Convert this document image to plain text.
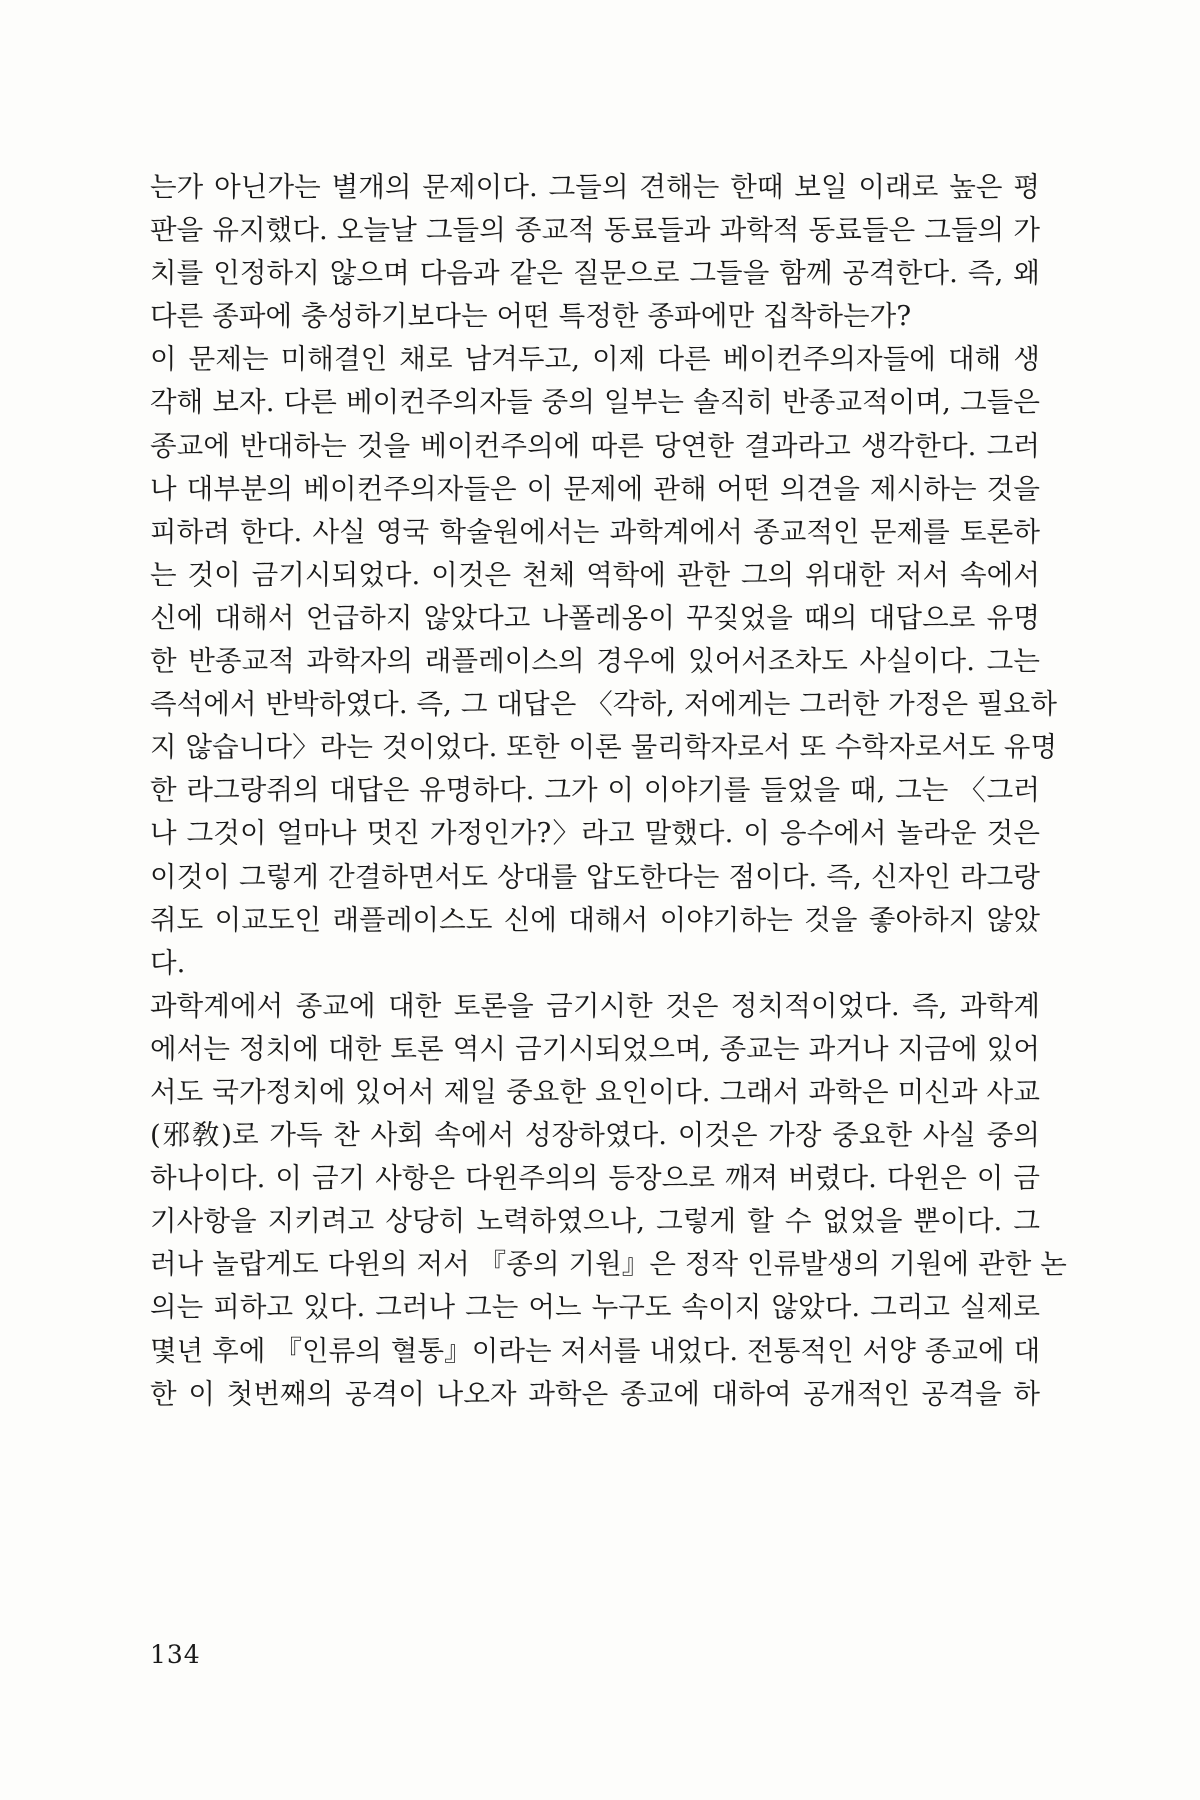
는가 아닌가는 별개의 문제이다. 그들의 견해는 한때 보일 이래로 높은 평
판을 유지했다. 오늘날 그들의 종교적 동료들과 과학적 동료들은 그들의 가
치를 인정하지 않으며 다음과 같은 질문으로 그들을 함께 공격한다. 즉, 왜
다른 종파에 충성하기보다는 어떤 특정한 종파에만 집착하는가?
이 문제는 미해결인 채로 남겨두고, 이제 다른 베이컨주의자들에 대해 생
각해 보자. 다른 베이컨주의자들 중의 일부는 솔직히 반종교적이며, 그들은
종교에 반대하는 것을 베이컨주의에 따른 당연한 결과라고 생각한다. 그러
나 대부분의 베이컨주의자들은 이 문제에 관해 어떤 의견을 제시하는 것을
피하려 한다. 사실 영국 학술원에서는 과학계에서 종교적인 문제를 토론하
는 것이 금기시되었다. 이것은 천체 역학에 관한 그의 위대한 저서 속에서
신에 대해서 언급하지 않았다고 나폴레옹이 꾸짖었을 때의 대답으로 유명
한 반종교적 과학자의 래플레이스의 경우에 있어서조차도 사실이다. 그는
즉석에서 반박하였다. 즉, 그 대답은 〈각하, 저에게는 그러한 가정은 필요하
지 않습니다〉라는 것이었다. 또한 이론 물리학자로서 또 수학자로서도 유명
한 라그랑쥐의 대답은 유명하다. 그가 이 이야기를 들었을 때, 그는 〈그러
나 그것이 얼마나 멋진 가정인가?〉라고 말했다. 이 응수에서 놀라운 것은
이것이 그렇게 간결하면서도 상대를 압도한다는 점이다. 즉, 신자인 라그랑
쥐도 이교도인 래플레이스도 신에 대해서 이야기하는 것을 좋아하지 않았
다.
과학계에서 종교에 대한 토론을 금기시한 것은 정치적이었다. 즉, 과학계
에서는 정치에 대한 토론 역시 금기시되었으며, 종교는 과거나 지금에 있어
서도 국가정치에 있어서 제일 중요한 요인이다. 그래서 과학은 미신과 사교
(邪敎)로 가득 찬 사회 속에서 성장하였다. 이것은 가장 중요한 사실 중의
하나이다. 이 금기 사항은 다윈주의의 등장으로 깨져 버렸다. 다윈은 이 금
기사항을 지키려고 상당히 노력하였으나, 그렇게 할 수 없었을 뿐이다. 그
러나 놀랍게도 다윈의 저서 『종의 기원』은 정작 인류발생의 기원에 관한 논
의는 피하고 있다. 그러나 그는 어느 누구도 속이지 않았다. 그리고 실제로
몇년 후에 『인류의 혈통』이라는 저서를 내었다. 전통적인 서양 종교에 대
한 이 첫번째의 공격이 나오자 과학은 종교에 대하여 공개적인 공격을 하
134
